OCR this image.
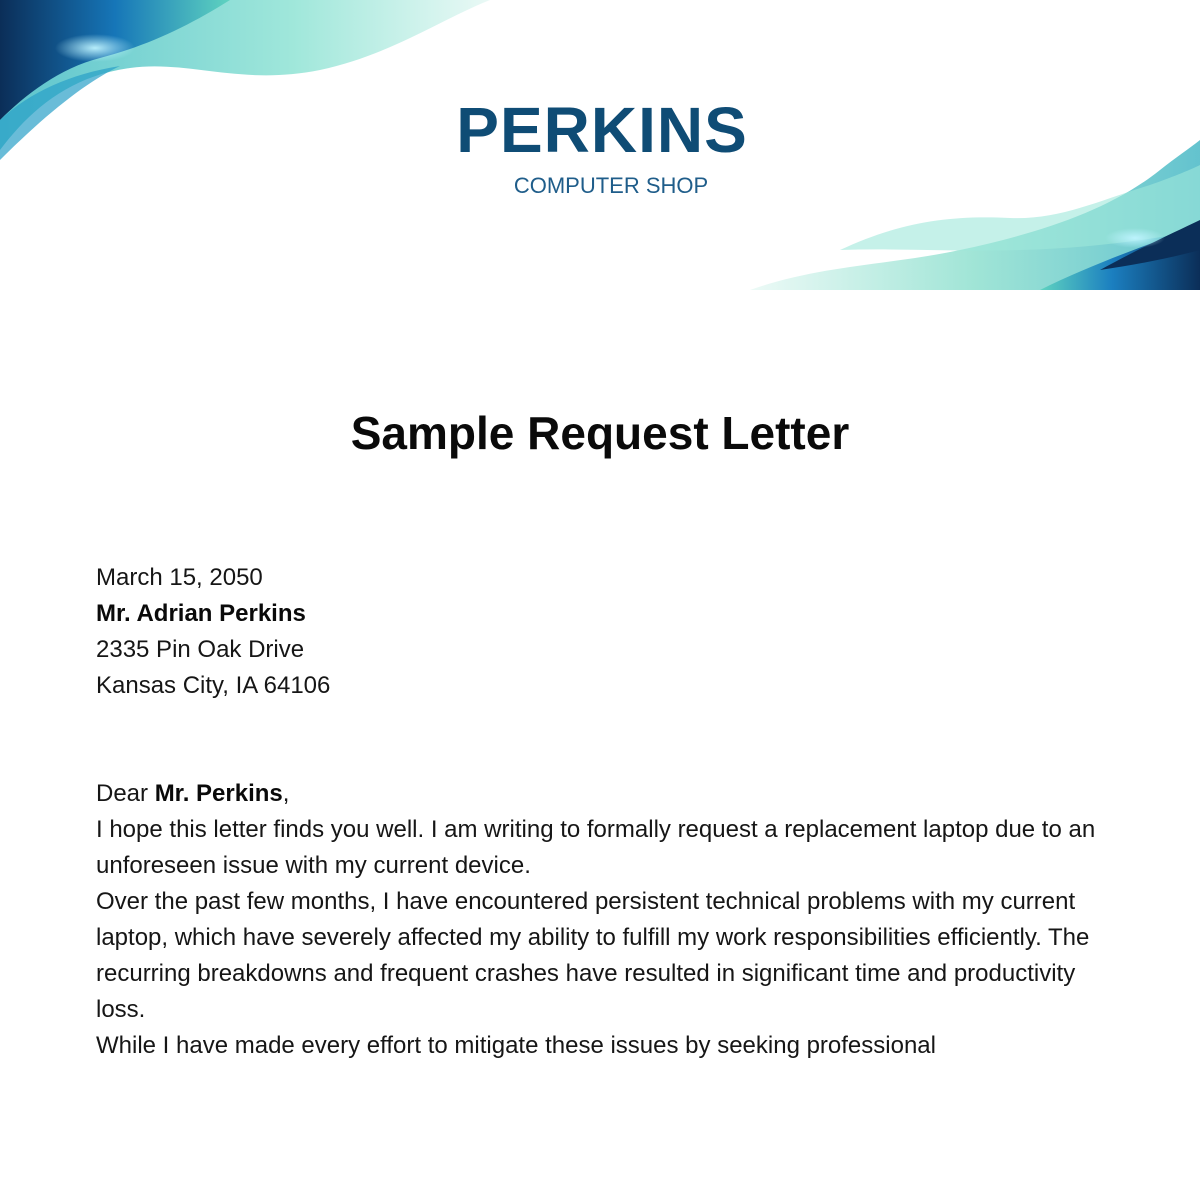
PERKINS
COMPUTER SHOP
Sample Request Letter

March 15, 2050

Mr. Adrian Perkins

2335 Pin Oak Drive

Kansas City, IA 64106

Dear Mr. Perkins,

I hope this letter finds you well. I am writing to formally request a replacement laptop due to an unforeseen issue with my current device.

Over the past few months, I have encountered persistent technical problems with my current laptop, which have severely affected my ability to fulfill my work responsibilities efficiently. The recurring breakdowns and frequent crashes have resulted in significant time and productivity loss.

While I have made every effort to mitigate these issues by seeking professional
